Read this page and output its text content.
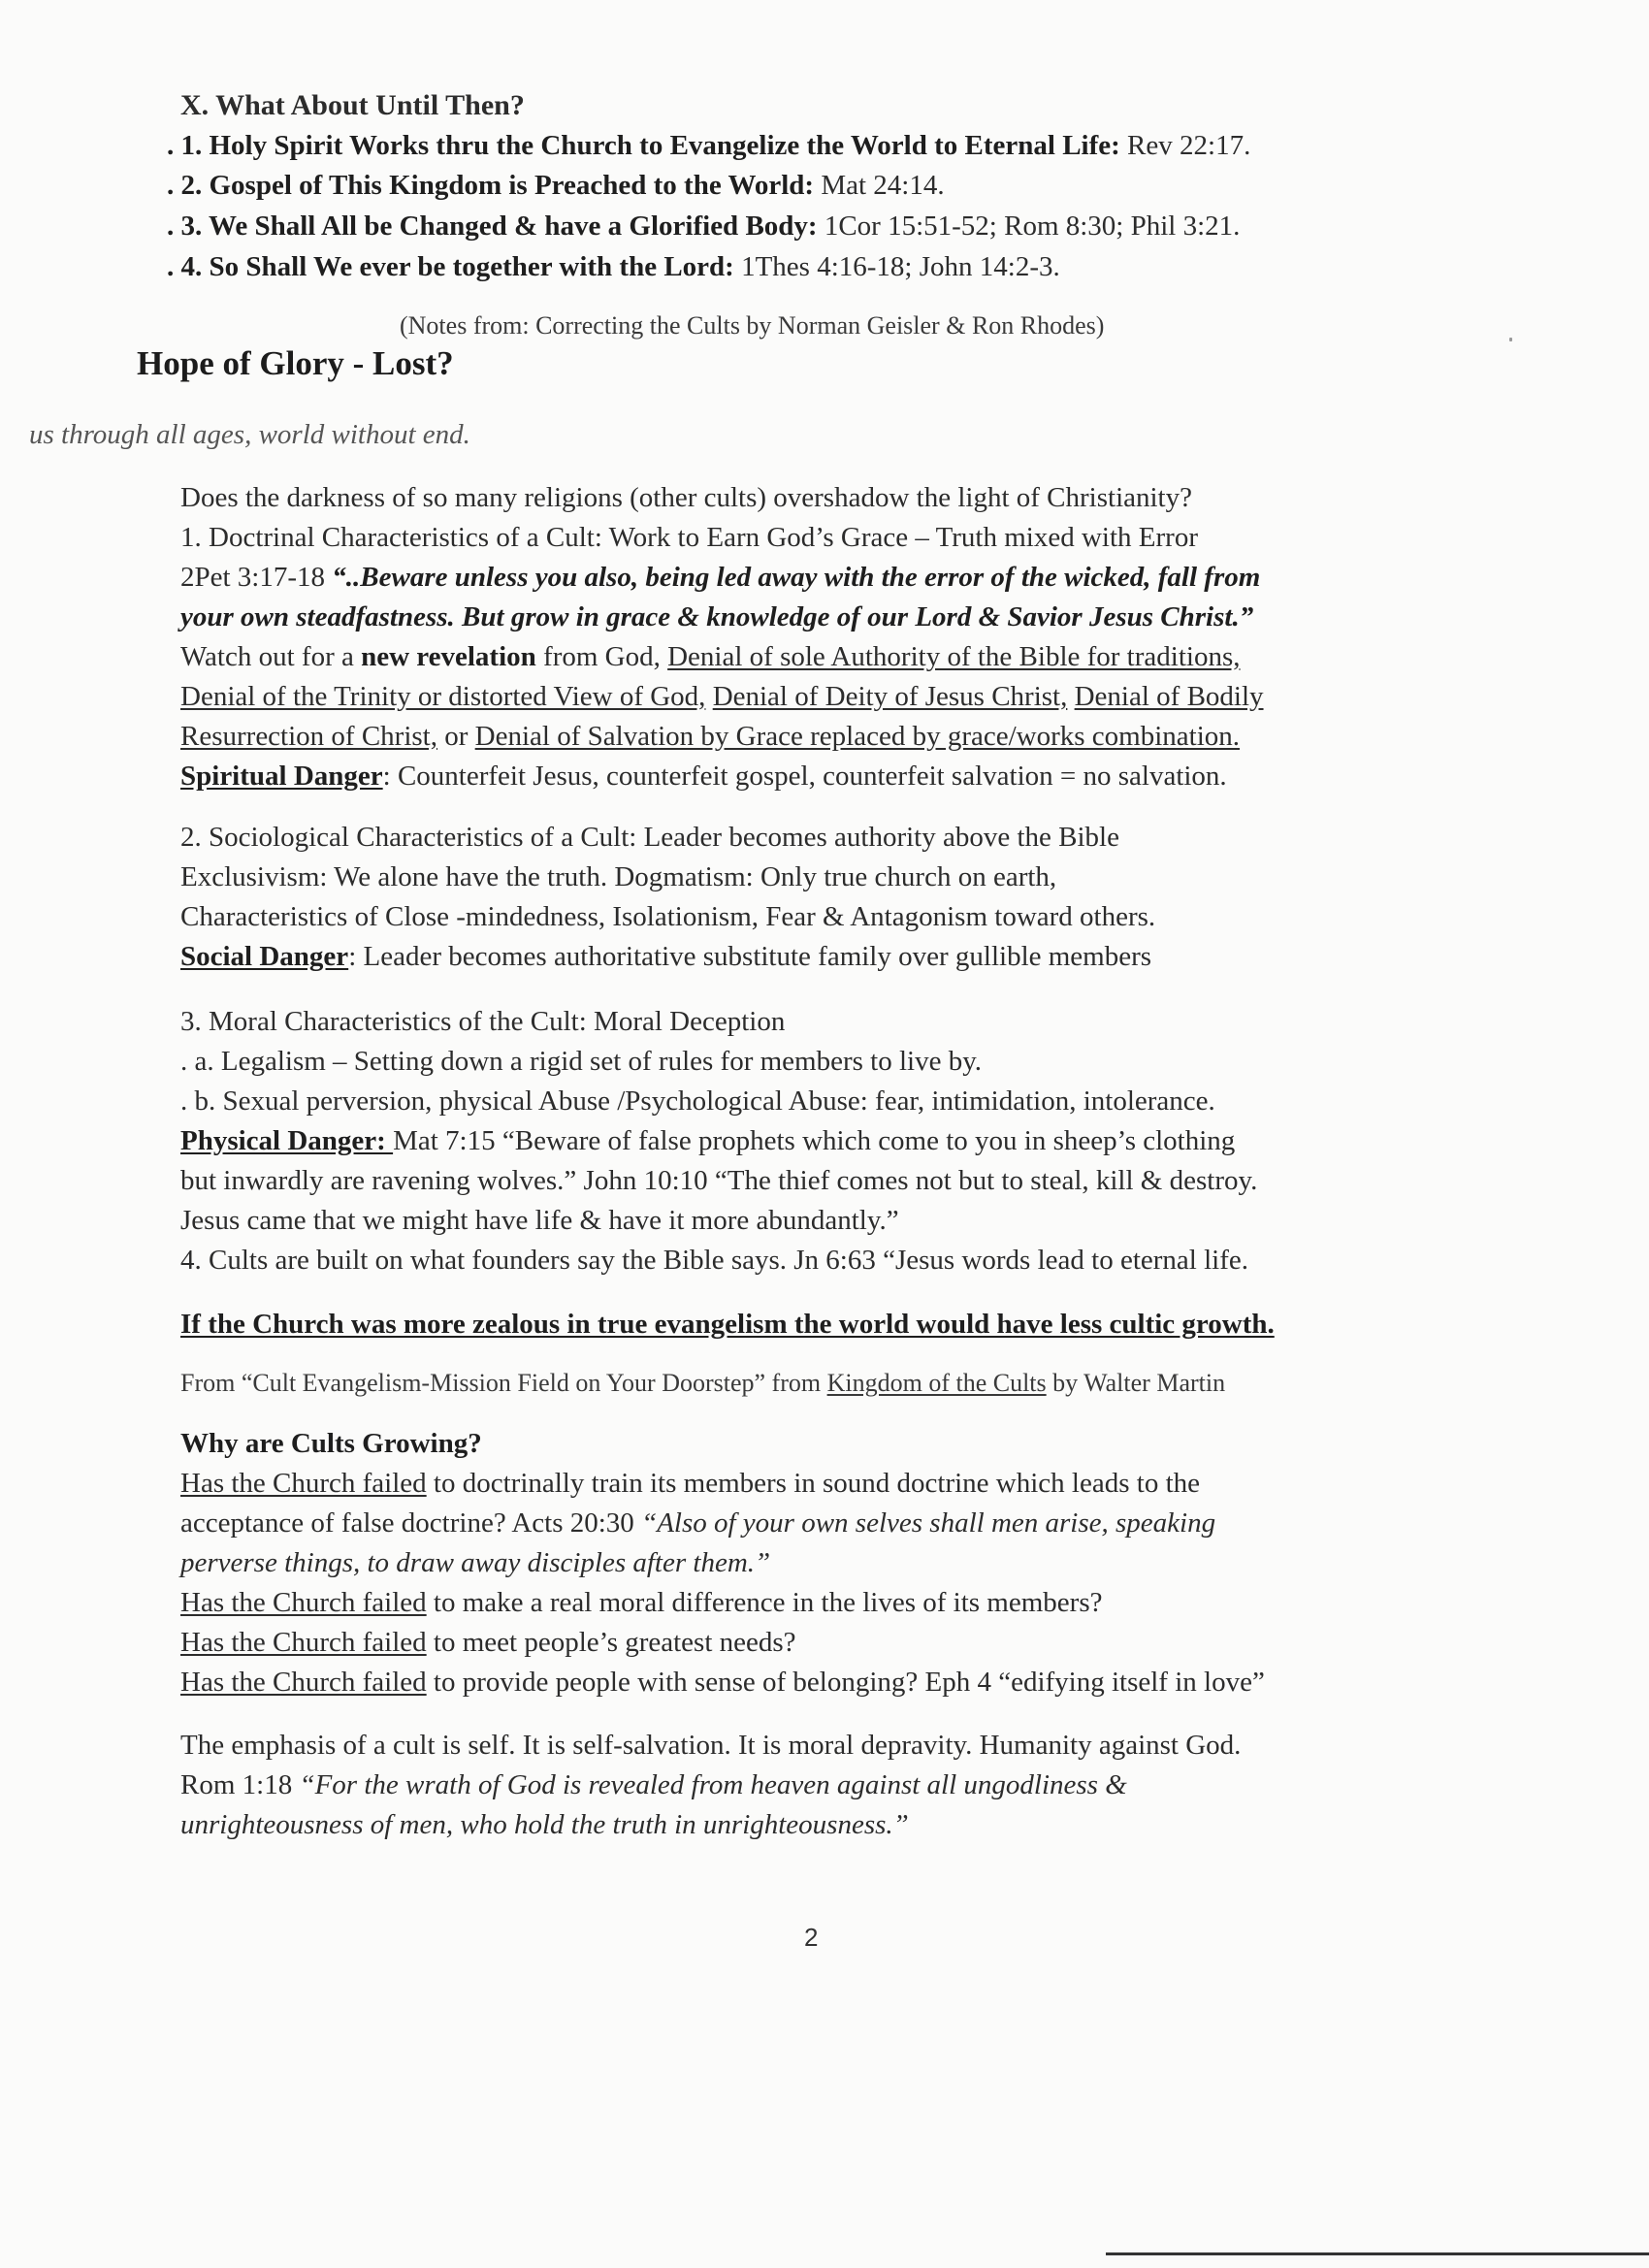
X. What About Until Then?
. 1. Holy Spirit Works thru the Church to Evangelize the World to Eternal Life: Rev 22:17.
. 2. Gospel of This Kingdom is Preached to the World: Mat 24:14.
. 3. We Shall All be Changed & have a Glorified Body: 1Cor 15:51-52; Rom 8:30; Phil 3:21.
. 4. So Shall We ever be together with the Lord: 1Thes 4:16-18; John 14:2-3.
(Notes from: Correcting the Cults by Norman Geisler & Ron Rhodes)
Hope of Glory - Lost?
us through all ages, world without end.
Does the darkness of so many religions (other cults) overshadow the light of Christianity?
1. Doctrinal Characteristics of a Cult: Work to Earn God’s Grace – Truth mixed with Error
2Pet 3:17-18 “..Beware unless you also, being led away with the error of the wicked, fall from
your own steadfastness. But grow in grace & knowledge of our Lord & Savior Jesus Christ.”
Watch out for a new revelation from God, Denial of sole Authority of the Bible for traditions,
Denial of the Trinity or distorted View of God, Denial of Deity of Jesus Christ, Denial of Bodily
Resurrection of Christ, or Denial of Salvation by Grace replaced by grace/works combination.
Spiritual Danger: Counterfeit Jesus, counterfeit gospel, counterfeit salvation = no salvation.
2. Sociological Characteristics of a Cult: Leader becomes authority above the Bible
Exclusivism: We alone have the truth. Dogmatism: Only true church on earth,
Characteristics of Close -mindedness, Isolationism, Fear & Antagonism toward others.
Social Danger: Leader becomes authoritative substitute family over gullible members
3. Moral Characteristics of the Cult: Moral Deception
. a. Legalism – Setting down a rigid set of rules for members to live by.
. b. Sexual perversion, physical Abuse /Psychological Abuse: fear, intimidation, intolerance.
Physical Danger: Mat 7:15 “Beware of false prophets which come to you in sheep’s clothing
but inwardly are ravening wolves.” John 10:10 “The thief comes not but to steal, kill & destroy.
Jesus came that we might have life & have it more abundantly.”
4. Cults are built on what founders say the Bible says. Jn 6:63 “Jesus words lead to eternal life.
If the Church was more zealous in true evangelism the world would have less cultic growth.
From “Cult Evangelism-Mission Field on Your Doorstep” from Kingdom of the Cults by Walter Martin
Why are Cults Growing?
Has the Church failed to doctrinally train its members in sound doctrine which leads to the
acceptance of false doctrine? Acts 20:30 “Also of your own selves shall men arise, speaking
perverse things, to draw away disciples after them.”
Has the Church failed to make a real moral difference in the lives of its members?
Has the Church failed to meet people’s greatest needs?
Has the Church failed to provide people with sense of belonging? Eph 4 “edifying itself in love”
The emphasis of a cult is self. It is self-salvation. It is moral depravity. Humanity against God.
Rom 1:18 “For the wrath of God is revealed from heaven against all ungodliness &
unrighteousness of men, who hold the truth in unrighteousness.”
2
